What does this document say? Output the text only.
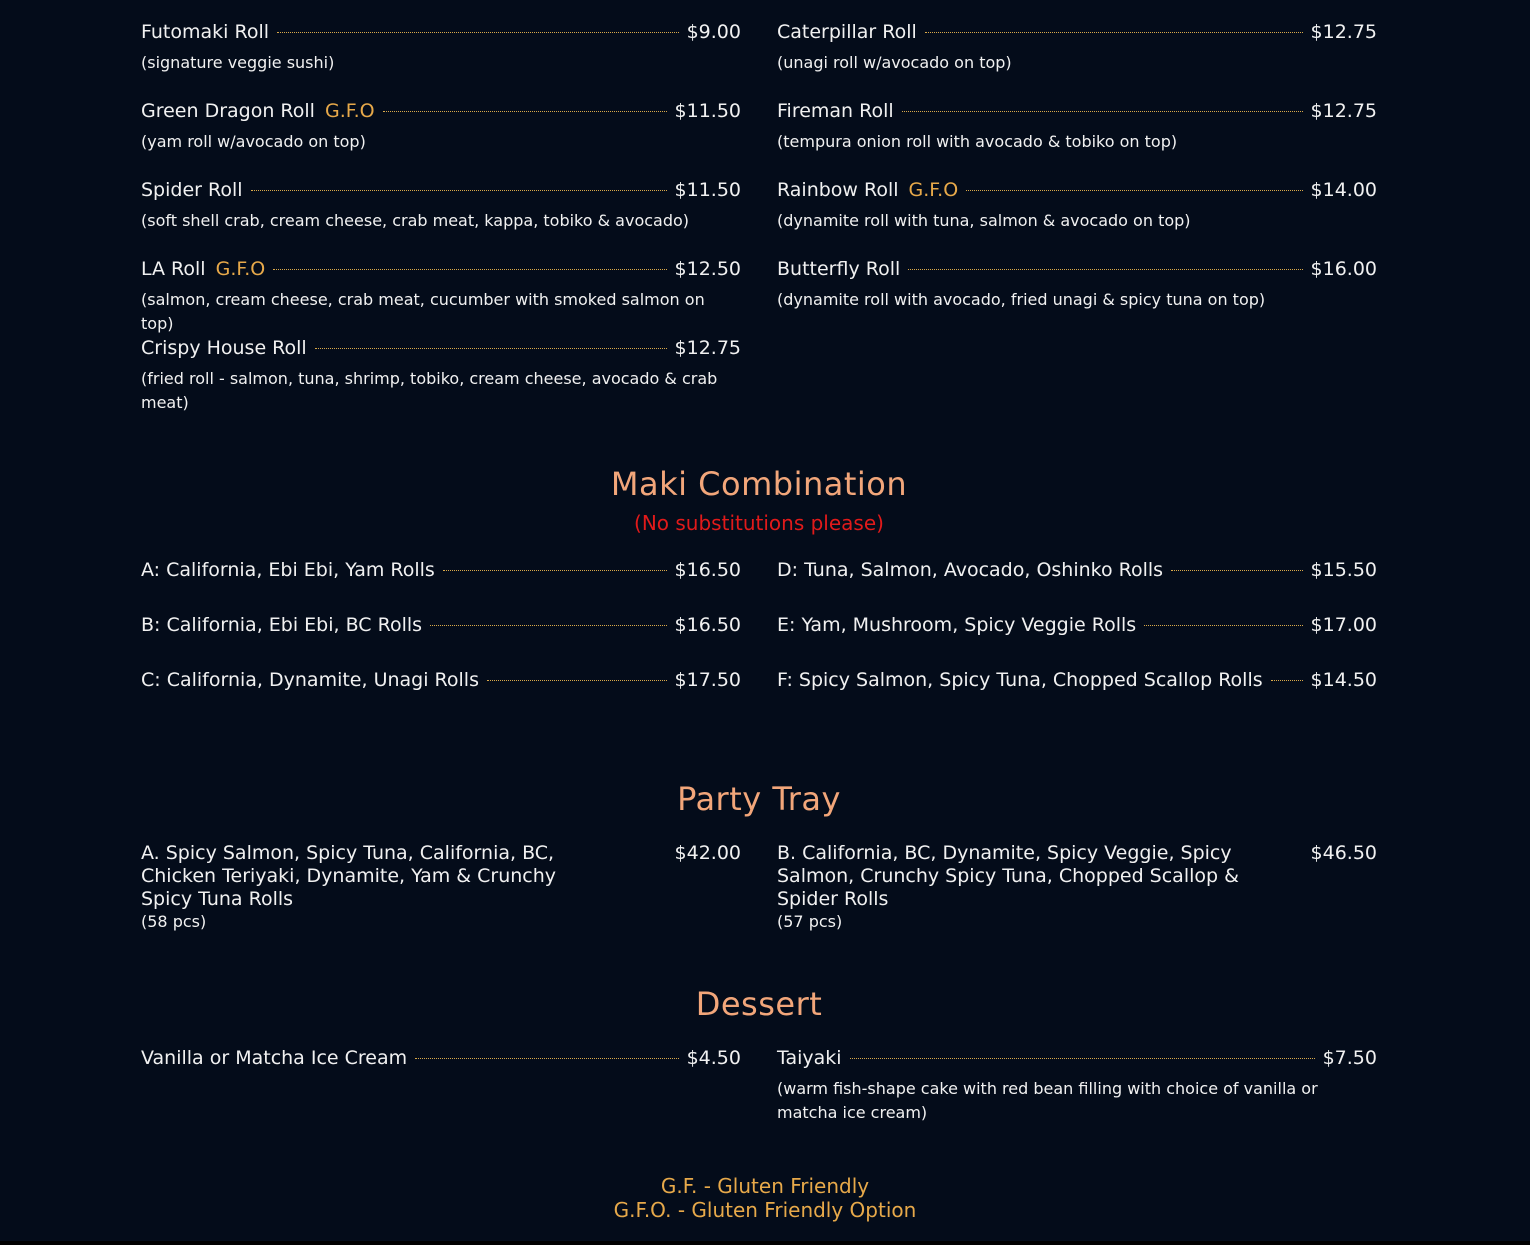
Futomaki Roll	$9.00
(signature veggie sushi)
Caterpillar Roll	$12.75
(unagi roll w/avocado on top)
Green Dragon Roll G.F.O	$11.50
(yam roll w/avocado on top)
Fireman Roll	$12.75
(tempura onion roll with avocado & tobiko on top)
Spider Roll	$11.50
(soft shell crab, cream cheese, crab meat, kappa, tobiko & avocado)
Rainbow Roll G.F.O	$14.00
(dynamite roll with tuna, salmon & avocado on top)
LA Roll G.F.O	$12.50
(salmon, cream cheese, crab meat, cucumber with smoked salmon on top)
Butterfly Roll	$16.00
(dynamite roll with avocado, fried unagi & spicy tuna on top)
Crispy House Roll	$12.75
(fried roll - salmon, tuna, shrimp, tobiko, cream cheese, avocado & crab meat)
Maki Combination
(No substitutions please)
A: California, Ebi Ebi, Yam Rolls	$16.50 D: Tuna, Salmon, Avocado, Oshinko Rolls	$15.50
B: California, Ebi Ebi, BC Rolls	$16.50 E: Yam, Mushroom, Spicy Veggie Rolls	$17.00
C: California, Dynamite, Unagi Rolls	$17.50 F: Spicy Salmon, Spicy Tuna, Chopped Scallop Rolls	$14.50
Party Tray
A. Spicy Salmon, Spicy Tuna, California, BC, Chicken Teriyaki, Dynamite, Yam & Crunchy Spicy Tuna Rolls
$42.00
(58 pcs)
B. California, BC, Dynamite, Spicy Veggie, Spicy Salmon, Crunchy Spicy Tuna, Chopped Scallop & Spider Rolls
$46.50
(57 pcs)
Dessert
Vanilla or Matcha Ice Cream	$4.50 Taiyaki	$7.50
(warm fish-shape cake with red bean filling with choice of vanilla or matcha ice cream)
G.F. - Gluten Friendly
G.F.O. - Gluten Friendly Option
